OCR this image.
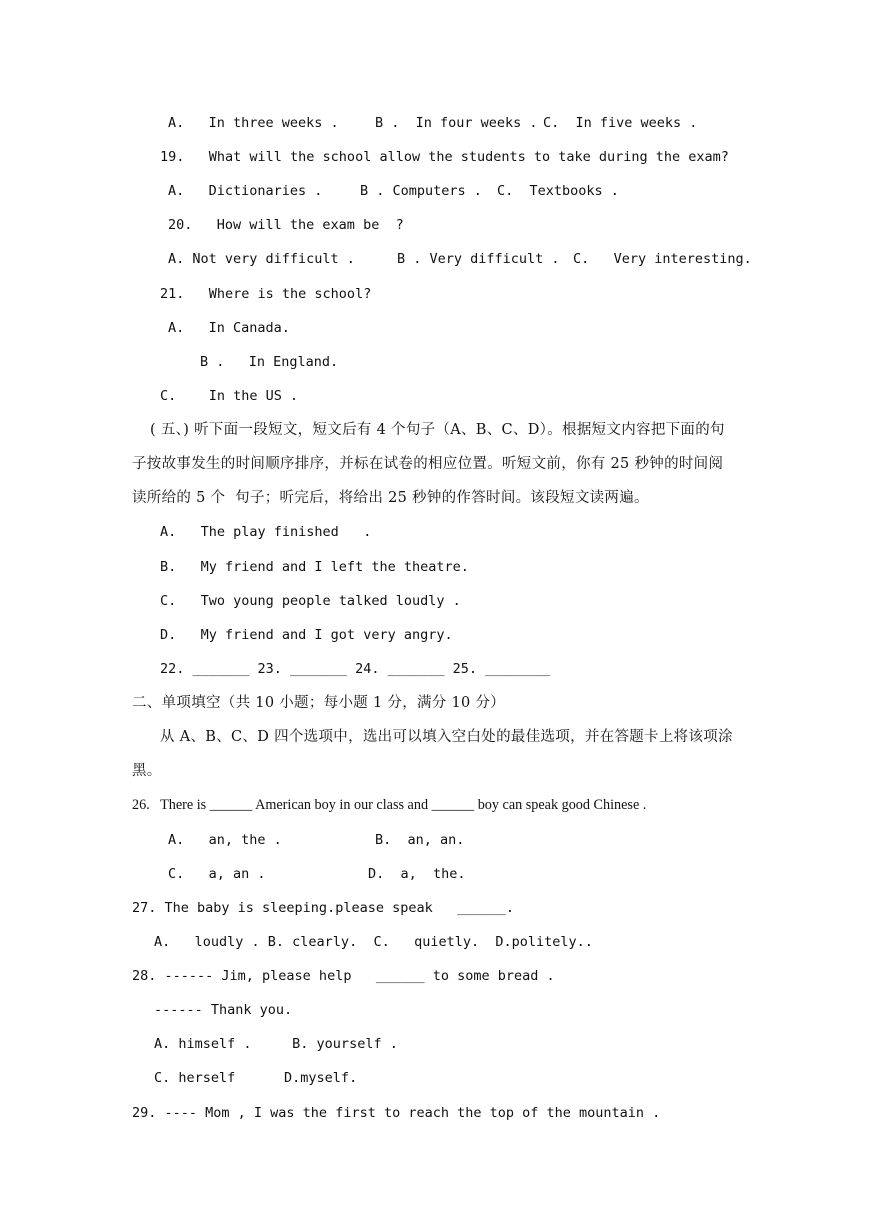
A.   In three weeks .	B .  In four weeks . C.  In five weeks .
19.   What will the school allow the students to take during the exam?
A.   Dictionaries .	B . Computers . C.  Textbooks .
20.   How will the exam be  ?
A. Not very difficult .	B . Very difficult . C.   Very interesting.
21.   Where is the school?
A.   In Canada.
B .   In England.
C.    In the US .
( 五、) 听下面一段短文，短文后有 4 个句子（A、B、C、D）。根据短文内容把下面的句
子按故事发生的时间顺序排序，并标在试卷的相应位置。听短文前，你有 25 秒钟的时间阅
读所给的 5 个  句子；听完后，将给出 25 秒钟的作答时间。该段短文读两遍。
A.   The play finished   .
B.   My friend and I left the theatre.
C.   Two young people talked loudly .
D.   My friend and I got very angry.
22. _______ 23. _______ 24. _______ 25. ________
二、单项填空（共 10 小题；每小题 1 分，满分 10 分）
从 A、B、C、D 四个选项中，选出可以填入空白处的最佳选项，并在答题卡上将该项涂
黑。
26.   There is ______ American boy in our class and ______ boy can speak good Chinese .
A.   an, the .	B.  an, an.
C.   a, an .	D.  a,  the.
27. The baby is sleeping.please speak   ______.
A.   loudly . B. clearly.  C.   quietly.  D.politely..
28. ------ Jim, please help   ______ to some bread .
------ Thank you.
A. himself .     B. yourself .
C. herself      D.myself.
29. ---- Mom , I was the first to reach the top of the mountain .
